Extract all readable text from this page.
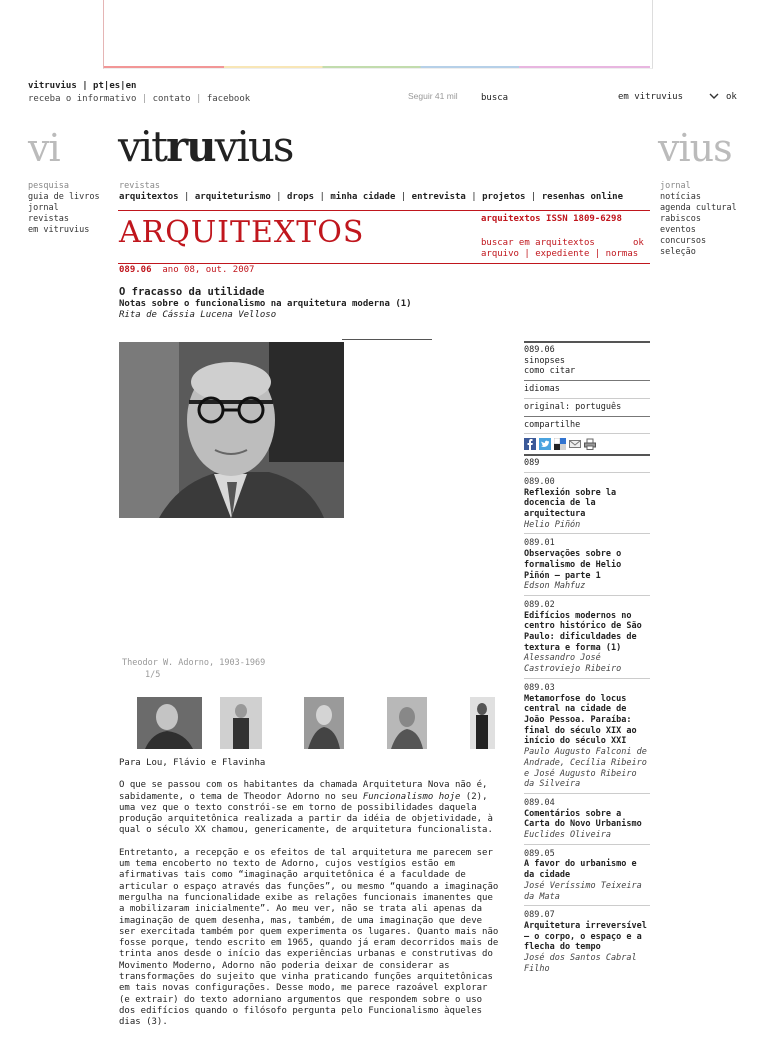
vitruvius | pt|es|en
receba o informativo | contato | facebook	Seguir 41 mil	busca	em vitruvius	ok
vi vitruvius	vius
pesquisa
guia de livros
jornal
revistas
em vitruvius
jornal
notícias
agenda cultural
rabiscos
eventos
concursos
seleção
revistas
arquitextos | arquiteturismo | drops | minha cidade | entrevista | projetos | resenhas online
ARQUITEXTOS	arquitextos ISSN 1809-6298
buscar em arquitextos	ok
arquivo | expediente | normas
089.06 ano 08, out. 2007
O fracasso da utilidade
Notas sobre o funcionalismo na arquitetura moderna (1)
Rita de Cássia Lucena Velloso
Theodor W. Adorno, 1903-1969
1/5

Para Lou, Flávio e Flavinha

O que se passou com os habitantes da chamada Arquitetura Nova não é, sabidamente, o tema de Theodor Adorno no seu Funcionalismo hoje (2), uma vez que o texto constrói-se em torno de possibilidades daquela produção arquitetônica realizada a partir da idéia de objetividade, à qual o século XX chamou, genericamente, de arquitetura funcionalista.

Entretanto, a recepção e os efeitos de tal arquitetura me parecem ser um tema encoberto no texto de Adorno, cujos vestígios estão em afirmativas tais como “imaginação arquitetônica é a faculdade de articular o espaço através das funções”, ou mesmo “quando a imaginação mergulha na funcionalidade exibe as relações funcionais imanentes que a mobilizaram inicialmente”. Ao meu ver, não se trata ali apenas da imaginação de quem desenha, mas, também, de uma imaginação que deve ser exercitada também por quem experimenta os lugares. Quanto mais não fosse porque, tendo escrito em 1965, quando já eram decorridos mais de trinta anos desde o início das experiências urbanas e construtivas do Movimento Moderno, Adorno não poderia deixar de considerar as transformações do sujeito que vinha praticando funções arquitetônicas em tais novas configurações. Desse modo, me parece razoável explorar (e extrair) do texto adorniano argumentos que respondem sobre o uso dos edifícios quando o filósofo pergunta pelo Funcionalismo àqueles dias (3).

089.06
sinopses
como citar
idiomas
original: português
compartilhe
089
089.00
Reflexión sobre la docencia de la arquitectura
Helio Piñón
089.01
Observações sobre o formalismo de Helio Piñón – parte 1
Edson Mahfuz
089.02
Edifícios modernos no centro histórico de São Paulo: dificuldades de textura e forma (1)
Alessandro José Castroviejo Ribeiro
089.03
Metamorfose do locus central na cidade de João Pessoa. Paraíba: final do século XIX ao início do século XXI
Paulo Augusto Falconi de Andrade, Cecília Ribeiro e José Augusto Ribeiro da Silveira
089.04
Comentários sobre a Carta do Novo Urbanismo
Euclides Oliveira
089.05
A favor do urbanismo e da cidade
José Veríssimo Teixeira da Mata
089.07
Arquitetura irreversível – o corpo, o espaço e a flecha do tempo
José dos Santos Cabral Filho
